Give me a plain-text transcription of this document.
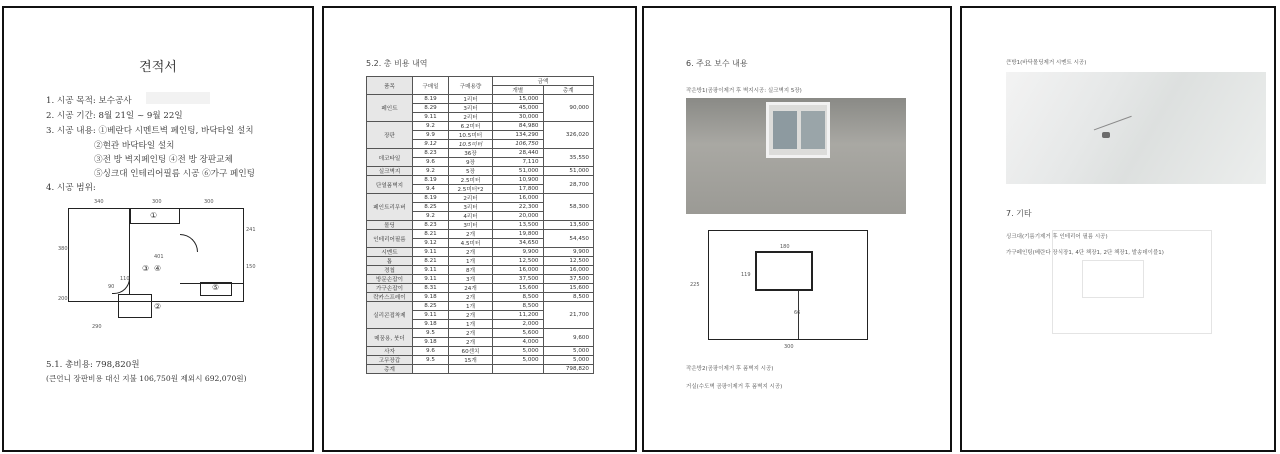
견적서
1. 시공 목적: 보수공사
2. 시공 기간: 8월 21일 ~ 9월 22일
3. 시공 내용: ①베란다 시멘트벽 페인팅, 바닥타일 설치
②현관 바닥타일 설치
③전 방 벽지페인팅 ④전 방 장판교체
⑤싱크대 인테리어필름 시공 ⑥가구 페인팅
4. 시공 범위:
340	300	300
241
380
401
150
90
110
200
290
①
②
③ ④
⑤
5.1. 총비용: 798,820원
(큰언니 장판비용 대신 지불 106,750원 제외시 692,070원)
5.2. 총 비용 내역
품목	구매일	구매용량	금액	
			개별	총계
페인트	8.19	1리터	15,000	90,000
	8.29	3리터	45,000	
	9.11	2리터	30,000	
장판	9.2	6.2미터	84,980	326,020
	9.9	10.5미터	134,290	
	9.12	10.5미터	106,750	
데코타일	8.23	36장	28,440	35,550
	9.6	9장	7,110	
실크벽지	9.2	5장	51,000	51,000
단열폼벽지	8.19	2.5미터	10,900	28,700
	9.4	2.5미터*2	17,800	
페인트리무버	8.19	2리터	16,000	58,300
	8.25	3리터	22,300	
	9.2	4리터	20,000	
몰딩	8.23	3미터	13,500	13,500
인테리어필름	8.21	2개	19,800	54,450
	9.12	4.5미터	34,650	
시멘트	9.11	2개	9,900	9,900
톱	8.21	1개	12,500	12,500
경첩	9.11	8개	16,000	16,000
방문손잡이	9.11	3개	37,500	37,500
가구손잡이	8.31	24개	15,600	15,600
락카스프레이	9.18	2개	8,500	8,500
실리콘접착제	8.25	1개	8,500	21,700
	9.11	2개	11,200	
	9.18	1개	2,000	
메꿈용, 붓더	9.5	2개	5,600	9,600
	9.18	2개	4,000	
사자	9.6	60센치	5,000	5,000
고무장갑	9.5	15개	5,000	5,000
총계				798,820
6. 주요 보수 내용
작은방1(곰팡이제거 후 벽지시공: 실크벽지 5장)
180
119
225
66
300
작은방2(곰팡이제거 후 폼벽지 시공)
거실(수도벽 곰팡이제거 후 폼벽지 시공)
큰방1(바닥몰딩제거 시멘트 시공)
7. 기타
싱크대(기름기제거 후 인테리어 필름 시공)
가구페인팅(베란다 장식장1, 4단 책장1, 2단 책장1, 발송데이블1)
